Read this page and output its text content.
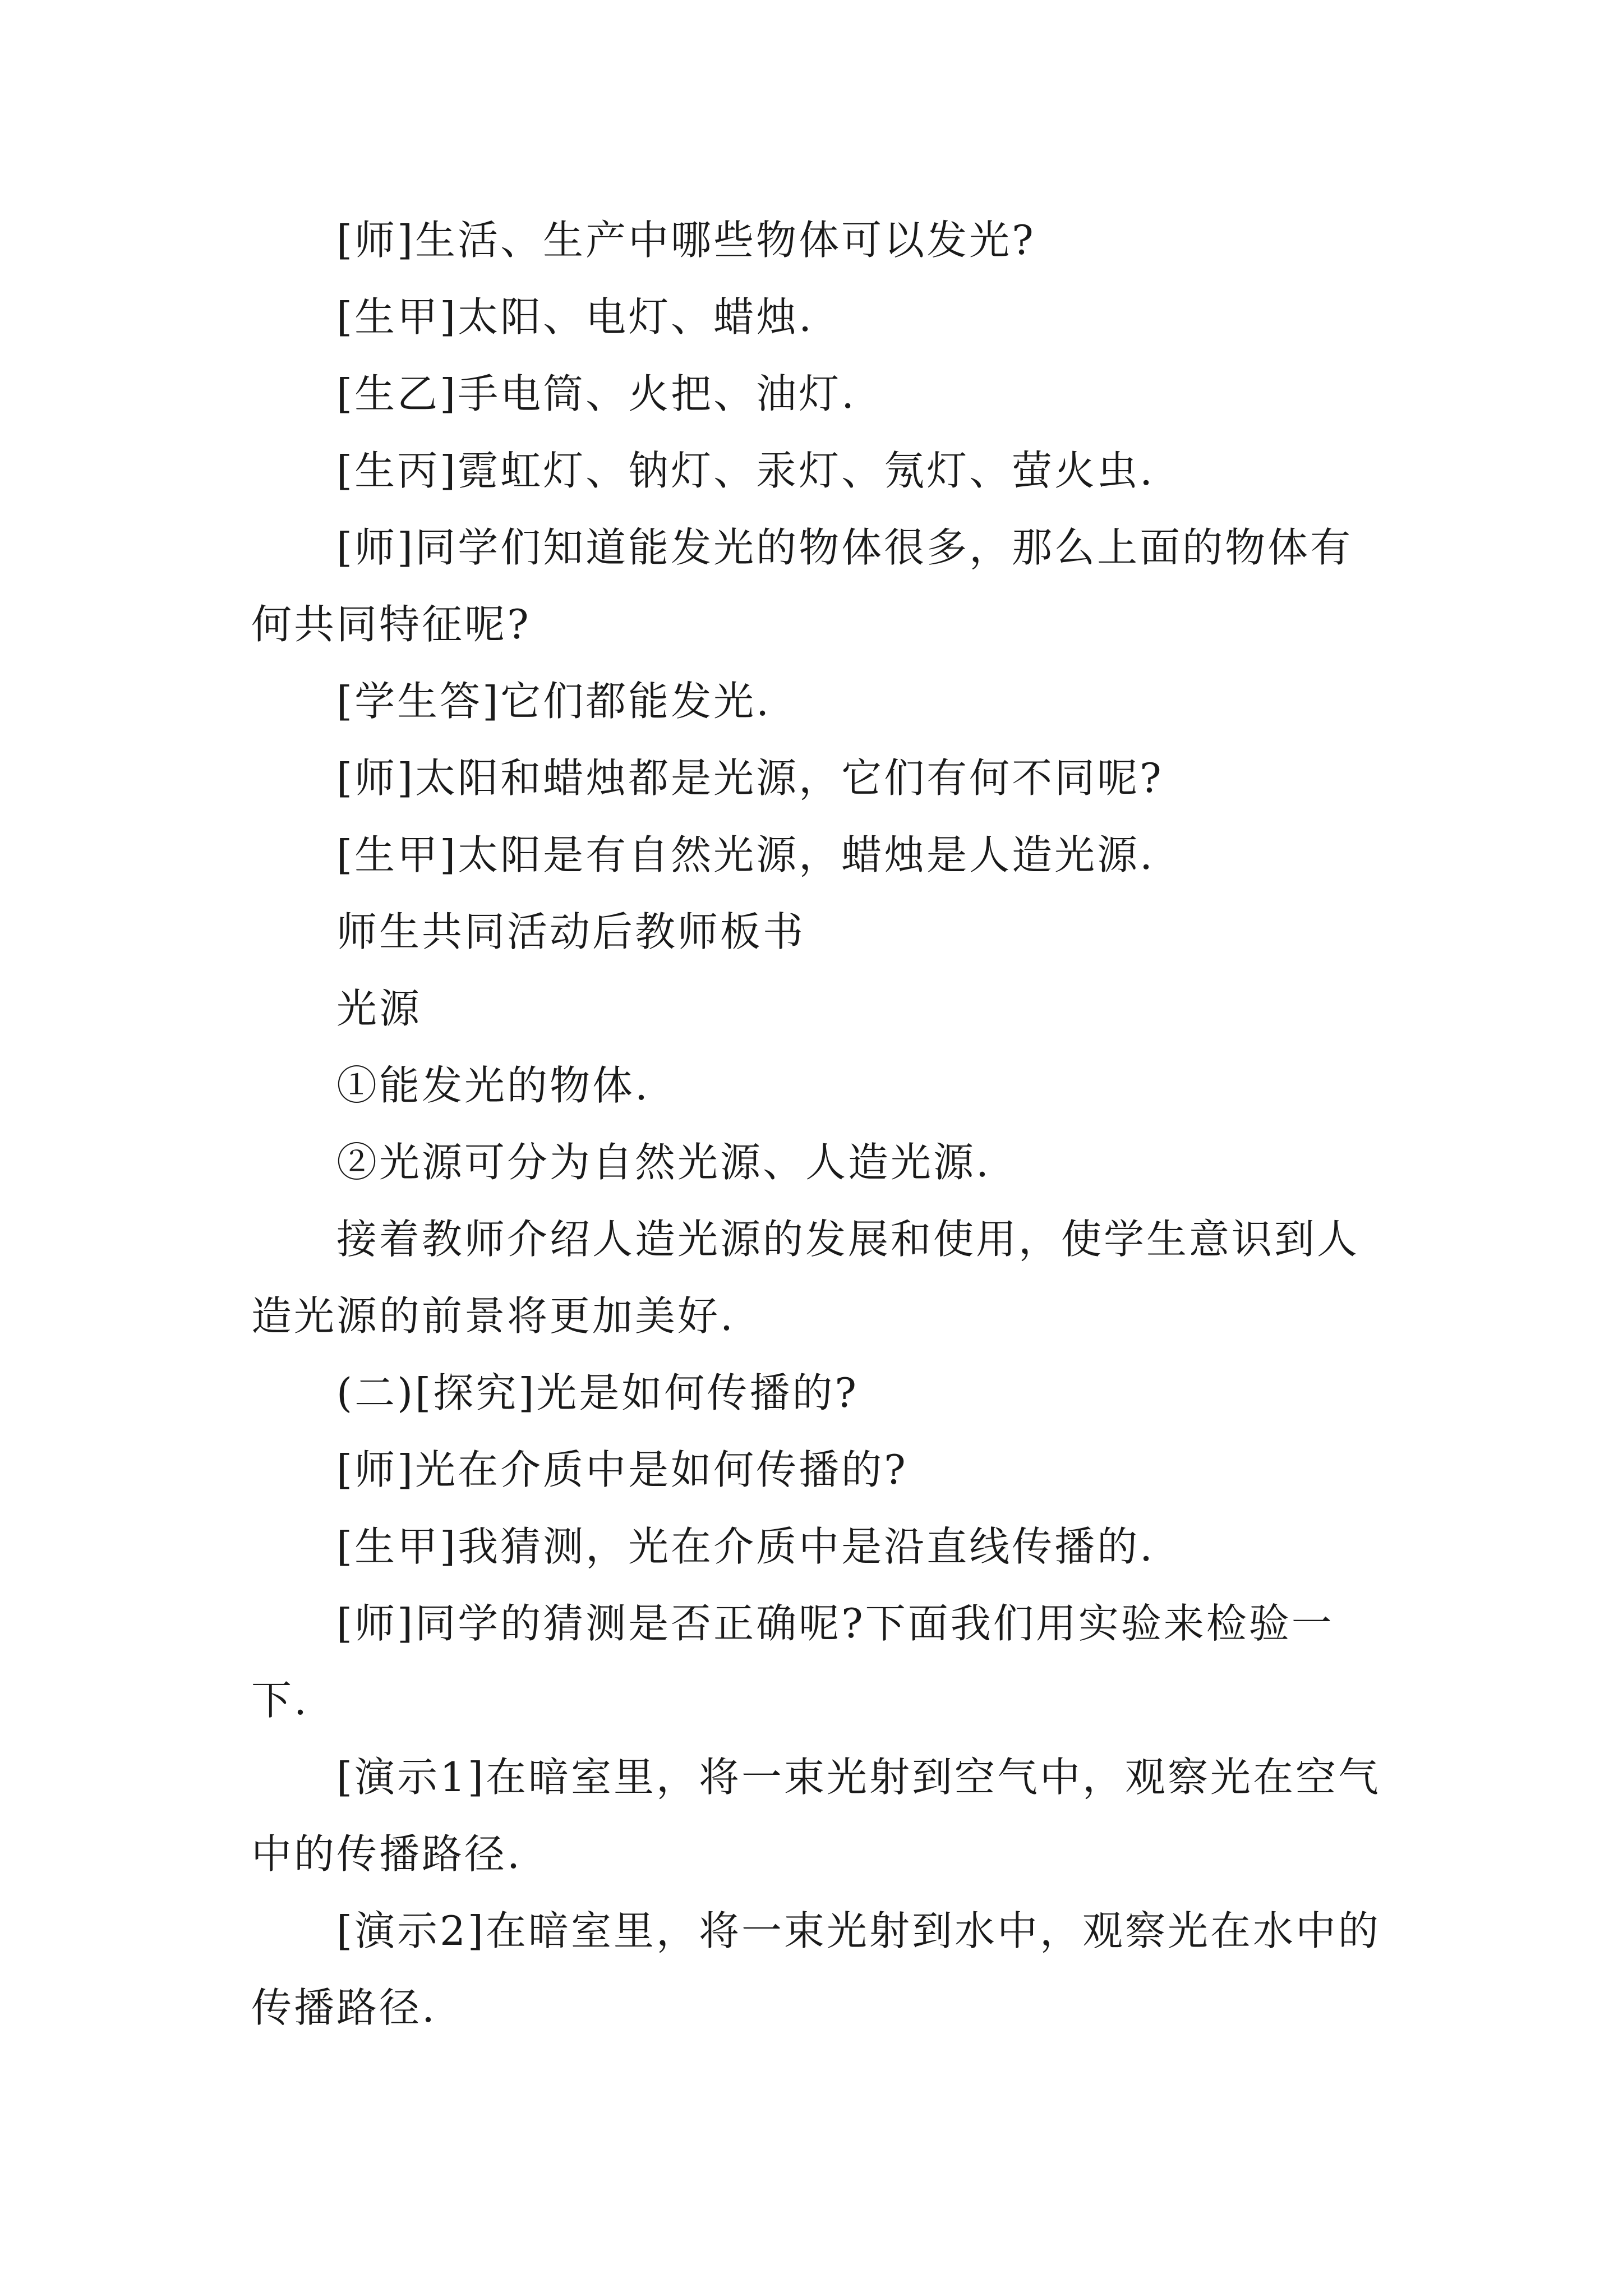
[师]生活、生产中哪些物体可以发光?

[生甲]太阳、电灯、蜡烛.

[生乙]手电筒、火把、油灯.

[生丙]霓虹灯、钠灯、汞灯、氖灯、萤火虫.

[师]同学们知道能发光的物体很多，那么上面的物体有何共同特征呢?

[学生答]它们都能发光.

[师]太阳和蜡烛都是光源，它们有何不同呢?

[生甲]太阳是有自然光源，蜡烛是人造光源.

师生共同活动后教师板书

光源

①能发光的物体.

②光源可分为自然光源、人造光源.

接着教师介绍人造光源的发展和使用，使学生意识到人造光源的前景将更加美好.

(二)[探究]光是如何传播的?

[师]光在介质中是如何传播的?

[生甲]我猜测，光在介质中是沿直线传播的.

[师]同学的猜测是否正确呢?下面我们用实验来检验一下.

[演示1]在暗室里，将一束光射到空气中，观察光在空气中的传播路径.

[演示2]在暗室里，将一束光射到水中，观察光在水中的传播路径.
